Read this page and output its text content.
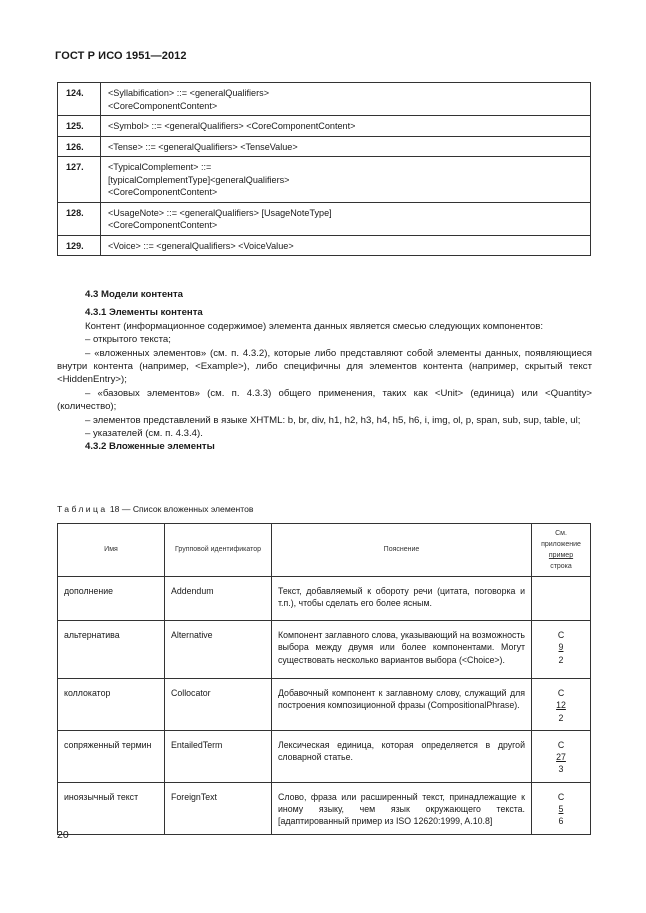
ГОСТ Р ИСО 1951—2012
124.	<Syllabification> ::= <generalQualifiers>
<CoreComponentContent>

125.	<Symbol> ::= <generalQualifiers> <CoreComponentContent>

126.	<Tense> ::= <generalQualifiers> <TenseValue>

127.	<TypicalComplement> ::=
[typicalComplementType]<generalQualifiers>
<CoreComponentContent>

128.	<UsageNote> ::= <generalQualifiers> [UsageNoteType]
<CoreComponentContent>

129.	<Voice> ::= <generalQualifiers> <VoiceValue>
4.3 Модели контента
4.3.1 Элементы контента
Контент (информационное содержимое) элемента данных является смесью следующих компонентов:
– открытого текста;
– «вложенных элементов» (см. п. 4.3.2), которые либо представляют собой элементы данных, появляющиеся внутри контента (например, <Example>), либо специфичны для элементов контента (например, скрытый текст <HiddenEntry>);
– «базовых элементов» (см. п. 4.3.3) общего применения, таких как <Unit> (единица) или <Quantity> (количество);
– элементов представлений в языке XHTML: b, br, div, h1, h2, h3, h4, h5, h6, i, img, ol, p, span, sub, sup, table, ul;
– указателей (см. п. 4.3.4).
4.3.2 Вложенные элементы
Таблица 18 — Список вложенных элементов
Имя	Групповой идентификатор	Пояснение	См.
приложение
пример
строка

дополнение	Addendum	Текст, добавляемый к обороту речи (цитата, поговорка и т.п.), чтобы сделать его более ясным.	

альтернатива	Alternative	Компонент заглавного слова, указывающий на возможность выбора между двумя или более компонентами. Могут существовать несколько вариантов выбора (<Choice>).	C
9
2

коллокатор	Collocator	Добавочный компонент к заглавному слову, служащий для построения композиционной фразы (CompositionalPhrase).	C
12
2

сопряженный термин	EntailedTerm	Лексическая единица, которая определяется в другой словарной статье.	C
27
3

иноязычный текст	ForeignText	Слово, фраза или расширенный текст, принадлежащие к иному языку, чем язык окружающего текста. [адаптированный пример из ISO 12620:1999, A.10.8]	C
5
6
20
